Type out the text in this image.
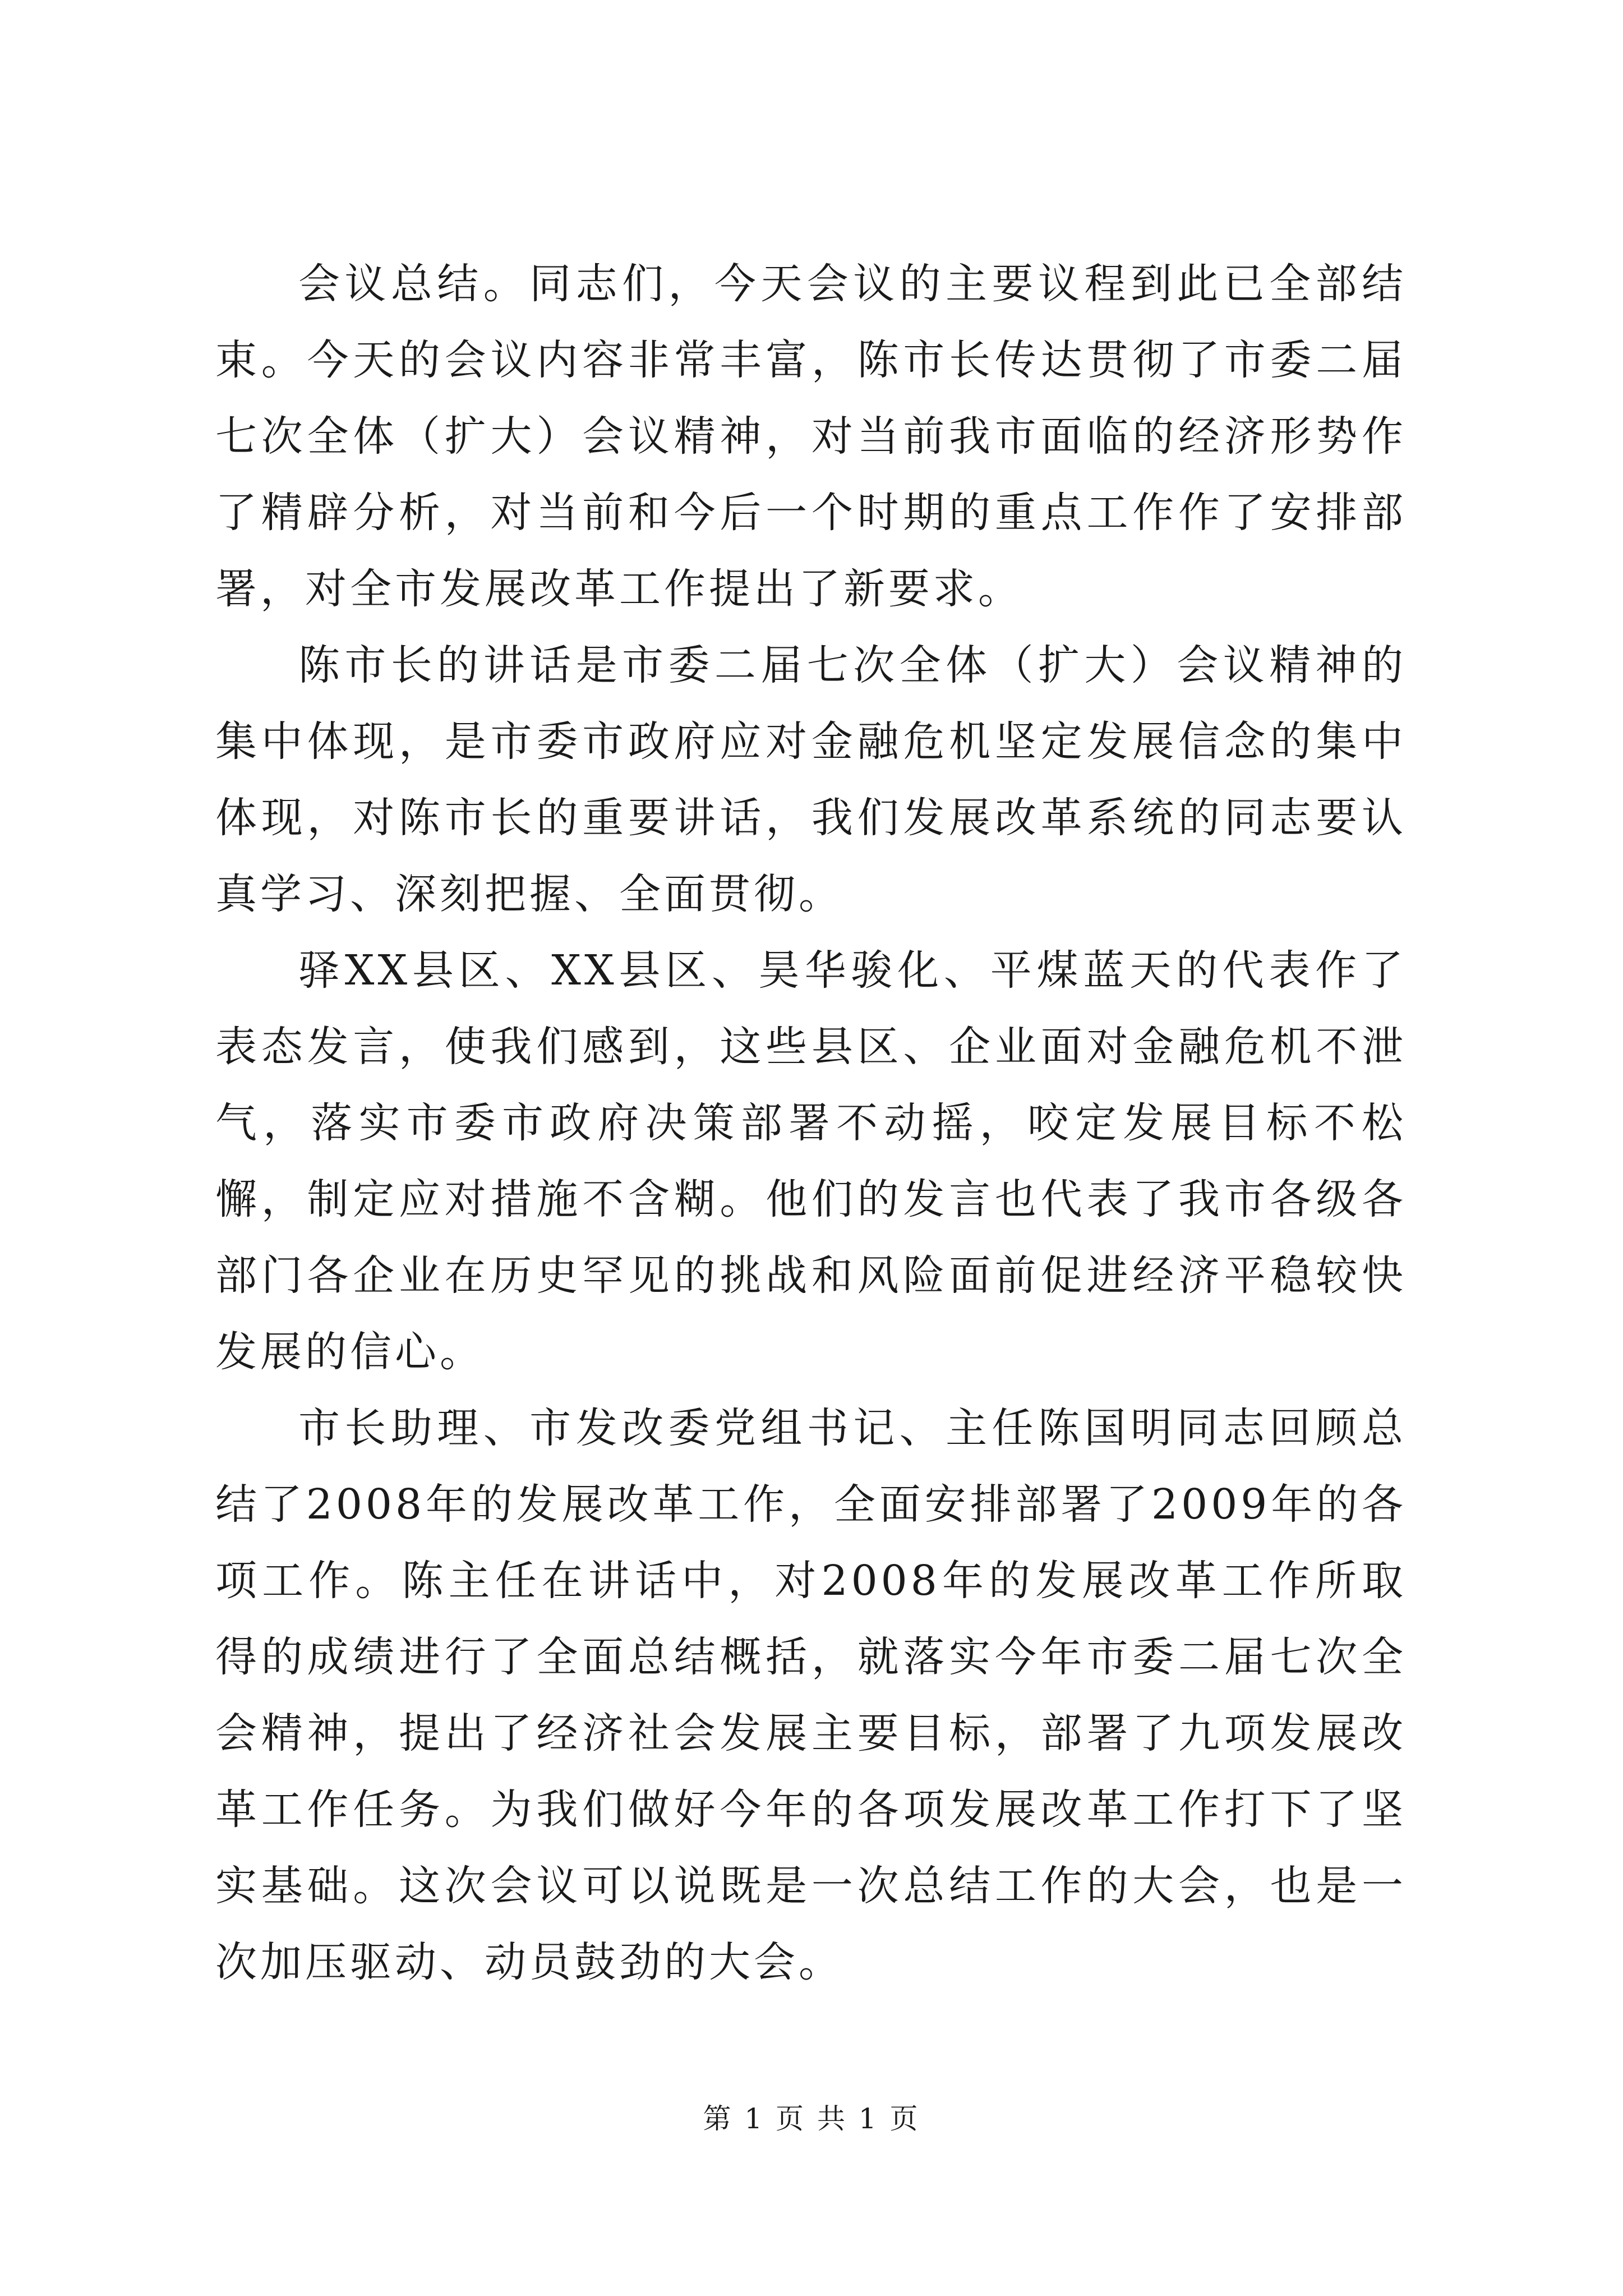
会议总结。同志们，今天会议的主要议程到此已全部结束。今天的会议内容非常丰富，陈市长传达贯彻了市委二届七次全体（扩大）会议精神，对当前我市面临的经济形势作了精辟分析，对当前和今后一个时期的重点工作作了安排部署，对全市发展改革工作提出了新要求。

陈市长的讲话是市委二届七次全体（扩大）会议精神的集中体现，是市委市政府应对金融危机坚定发展信念的集中体现，对陈市长的重要讲话，我们发展改革系统的同志要认真学习、深刻把握、全面贯彻。

驿XX县区、XX县区、昊华骏化、平煤蓝天的代表作了表态发言，使我们感到，这些县区、企业面对金融危机不泄气，落实市委市政府决策部署不动摇，咬定发展目标不松懈，制定应对措施不含糊。他们的发言也代表了我市各级各部门各企业在历史罕见的挑战和风险面前促进经济平稳较快发展的信心。

市长助理、市发改委党组书记、主任陈国明同志回顾总结了2008年的发展改革工作，全面安排部署了2009年的各项工作。陈主任在讲话中，对2008年的发展改革工作所取得的成绩进行了全面总结概括，就落实今年市委二届七次全会精神，提出了经济社会发展主要目标，部署了九项发展改革工作任务。为我们做好今年的各项发展改革工作打下了坚实基础。这次会议可以说既是一次总结工作的大会，也是一次加压驱动、动员鼓劲的大会。

第 1 页 共 1 页
